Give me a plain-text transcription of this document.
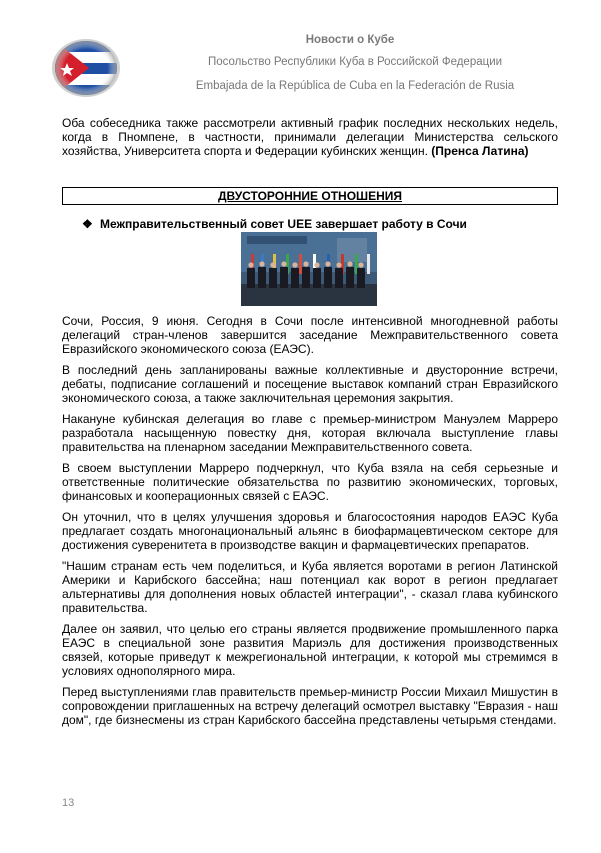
Новости о Кубе
Посольство Республики Куба в Российской Федерации
Embajada de la República de Cuba en la Federación de Rusia
Оба собеседника также рассмотрели активный график последних нескольких недель, когда в Пномпене, в частности, принимали делегации Министерства сельского хозяйства, Университета спорта и Федерации кубинских женщин. (Пренса Латина)
ДВУСТОРОННИЕ ОТНОШЕНИЯ
❖ Межправительственный совет UEE завершает работу в Сочи

Сочи, Россия, 9 июня. Сегодня в Сочи после интенсивной многодневной работы делегаций стран-членов завершится заседание Межправительственного совета Евразийского экономического союза (ЕАЭС).

В последний день запланированы важные коллективные и двусторонние встречи, дебаты, подписание соглашений и посещение выставок компаний стран Евразийского экономического союза, а также заключительная церемония закрытия.

Накануне кубинская делегация во главе с премьер-министром Мануэлем Марреро разработала насыщенную повестку дня, которая включала выступление главы правительства на пленарном заседании Межправительственного совета.

В своем выступлении Марреро подчеркнул, что Куба взяла на себя серьезные и ответственные политические обязательства по развитию экономических, торговых, финансовых и кооперационных связей с ЕАЭС.

Он уточнил, что в целях улучшения здоровья и благосостояния народов ЕАЭС Куба предлагает создать многонациональный альянс в биофармацевтическом секторе для достижения суверенитета в производстве вакцин и фармацевтических препаратов.

"Нашим странам есть чем поделиться, и Куба является воротами в регион Латинской Америки и Карибского бассейна; наш потенциал как ворот в регион предлагает альтернативы для дополнения новых областей интеграции", - сказал глава кубинского правительства.

Далее он заявил, что целью его страны является продвижение промышленного парка ЕАЭС в специальной зоне развития Мариэль для достижения производственных связей, которые приведут к межрегиональной интеграции, к которой мы стремимся в условиях однополярного мира.

Перед выступлениями глав правительств премьер-министр России Михаил Мишустин в сопровождении приглашенных на встречу делегаций осмотрел выставку "Евразия - наш дом", где бизнесмены из стран Карибского бассейна представлены четырьмя стендами.

13
